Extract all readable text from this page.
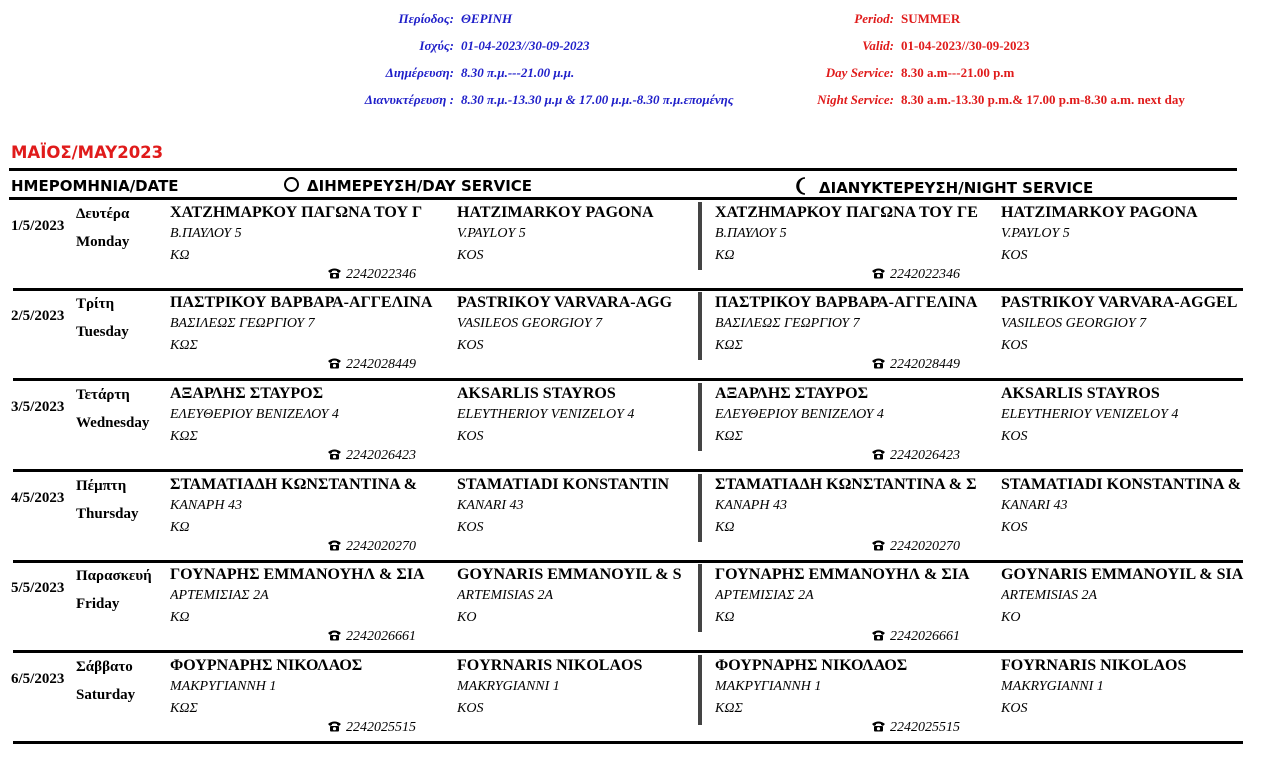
Περίοδος: ΘΕΡΙΝΗ
Ισχύς: 01-04-2023//30-09-2023
Διημέρευση: 8.30 π.μ.---21.00 μ.μ.
Διανυκτέρευση : 8.30 π.μ.-13.30 μ.μ & 17.00 μ.μ.-8.30 π.μ.επομένης
Period: SUMMER
Valid: 01-04-2023//30-09-2023
Day Service: 8.30 a.m---21.00 p.m
Night Service: 8.30 a.m.-13.30 p.m.& 17.00 p.m-8.30 a.m. next day
ΜΑΪΟΣ/MAY2023
ΗΜΕΡΟΜΗΝΙΑ/DATE	ΔΙΗΜΕΡΕΥΣΗ/DAY SERVICE	ΔΙΑΝΥΚΤΕΡΕΥΣΗ/NIGHT SERVICE
1/5/2023
Δευτέρα
Monday
ΧΑΤΖΗΜΑΡΚΟΥ ΠΑΓΩΝΑ ΤΟΥ Γ
Β.ΠΑΥΛΟΥ 5
ΚΩ
HATZIMARKOY PAGONA
V.PAYLOY 5
KOS
2242022346
ΧΑΤΖΗΜΑΡΚΟΥ ΠΑΓΩΝΑ ΤΟΥ ΓΕ
Β.ΠΑΥΛΟΥ 5
ΚΩ
HATZIMARKOY PAGONA
V.PAYLOY 5
KOS
2242022346
2/5/2023
Τρίτη
Tuesday
ΠΑΣΤΡΙΚΟΥ ΒΑΡΒΑΡΑ-ΑΓΓΕΛΙΝΑ
ΒΑΣΙΛΕΩΣ ΓΕΩΡΓΙΟΥ 7
ΚΩΣ
PASTRIKOY VARVARA-AGG
VASILEOS GEORGIOY 7
KOS
2242028449
ΠΑΣΤΡΙΚΟΥ ΒΑΡΒΑΡΑ-ΑΓΓΕΛΙΝΑ
ΒΑΣΙΛΕΩΣ ΓΕΩΡΓΙΟΥ 7
ΚΩΣ
PASTRIKOY VARVARA-AGGEL
VASILEOS GEORGIOY 7
KOS
2242028449
3/5/2023
Τετάρτη
Wednesday
ΑΞΑΡΛΗΣ ΣΤΑΥΡΟΣ
ΕΛΕΥΘΕΡΙΟΥ ΒΕΝΙΖΕΛΟΥ 4
ΚΩΣ
AKSARLIS STAYROS
ELEYTHERIOY VENIZELOY 4
KOS
2242026423
ΑΞΑΡΛΗΣ ΣΤΑΥΡΟΣ
ΕΛΕΥΘΕΡΙΟΥ ΒΕΝΙΖΕΛΟΥ 4
ΚΩΣ
AKSARLIS STAYROS
ELEYTHERIOY VENIZELOY 4
KOS
2242026423
4/5/2023
Πέμπτη
Thursday
ΣΤΑΜΑΤΙΑΔΗ ΚΩΝΣΤΑΝΤΙΝΑ &
ΚΑΝΑΡΗ 43
ΚΩ
STAMATIADI KONSTANTIN
KANARI 43
KOS
2242020270
ΣΤΑΜΑΤΙΑΔΗ ΚΩΝΣΤΑΝΤΙΝΑ & Σ
ΚΑΝΑΡΗ 43
ΚΩ
STAMATIADI KONSTANTINA &
KANARI 43
KOS
2242020270
5/5/2023
Παρασκευή
Friday
ΓΟΥΝΑΡΗΣ ΕΜΜΑΝΟΥΗΛ & ΣΙΑ
ΑΡΤΕΜΙΣΙΑΣ 2Α
ΚΩ
GOYNARIS EMMANOYIL & S
ARTEMISIAS 2A
KO
2242026661
ΓΟΥΝΑΡΗΣ ΕΜΜΑΝΟΥΗΛ & ΣΙΑ
ΑΡΤΕΜΙΣΙΑΣ 2Α
ΚΩ
GOYNARIS EMMANOYIL & SIA
ARTEMISIAS 2A
KO
2242026661
6/5/2023
Σάββατο
Saturday
ΦΟΥΡΝΑΡΗΣ ΝΙΚΟΛΑΟΣ
ΜΑΚΡΥΓΙΑΝΝΗ 1
ΚΩΣ
FOYRNARIS NIKOLAOS
MAKRYGIANNI 1
KOS
2242025515
ΦΟΥΡΝΑΡΗΣ ΝΙΚΟΛΑΟΣ
ΜΑΚΡΥΓΙΑΝΝΗ 1
ΚΩΣ
FOYRNARIS NIKOLAOS
MAKRYGIANNI 1
KOS
2242025515
